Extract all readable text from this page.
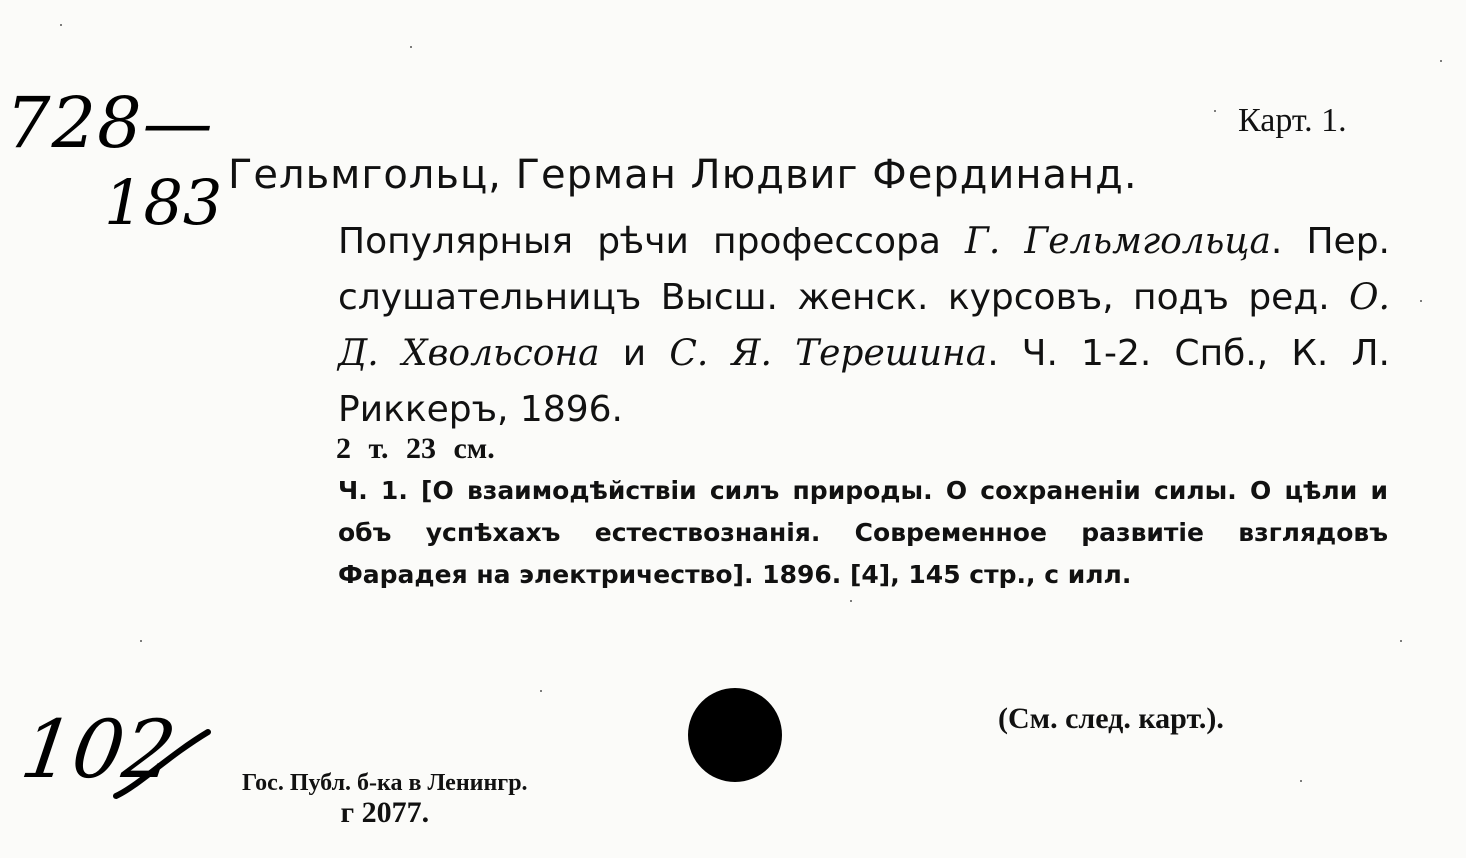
728—
183
Карт. 1.
Гельмгольц, Герман Людвиг Фердинанд.
Популярныя рѣчи профессора Г. Гельмгольца. Пер. слушательницъ Высш. женск. курсовъ, подъ ред. О. Д. Хвольсона и С. Я. Терешина. Ч. 1-2. Спб., К. Л. Риккеръ, 1896.
2 т. 23 см.
Ч. 1. [О взаимодѣйствіи силъ природы. О сохраненіи силы. О цѣли и объ успѣхахъ естествознанія. Современное развитіе взглядовъ Фарадея на электричество]. 1896. [4], 145 стр., с илл.
(См. след. карт.).
102	Гос. Публ. б-ка в Ленингр.
г 2077.
